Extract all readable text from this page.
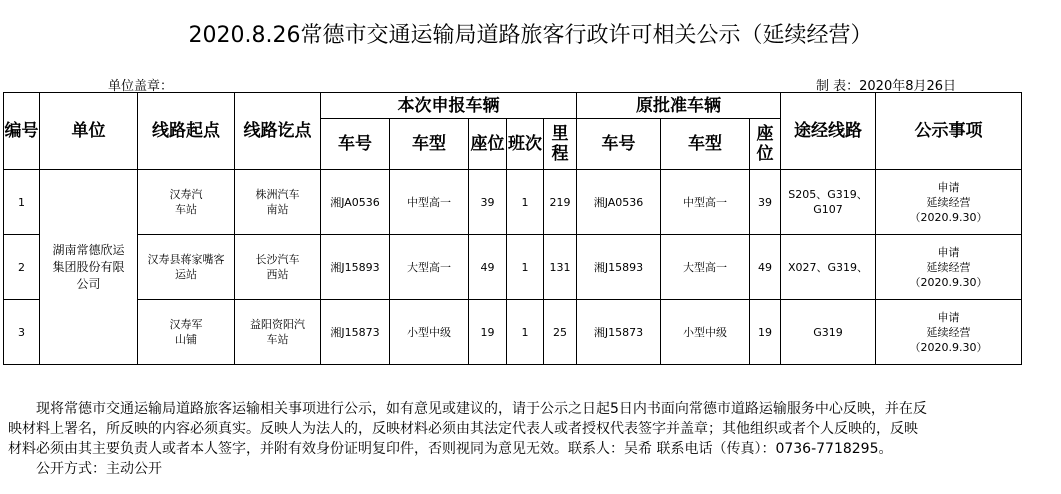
2020.8.26常德市交通运输局道路旅客行政许可相关公示（延续经营）
单位盖章：	制 表：2020年8月26日
编号	单位	线路起点	线路讫点	本次申报车辆					原批准车辆			途经线路	公示事项
				车号	车型	座位	班次	里程	车号	车型	座位		
1	湖南常德欣运集团股份有限公司	汉寿汽车站	株洲汽车南站	湘JA0536	中型高一	39	1	219	湘JA0536	中型高一	39	S205、G319、G107	申请
延续经营
（2020.9.30）

2		汉寿县蒋家嘴客运站	长沙汽车西站	湘J15893	大型高一	49	1	131	湘J15893	大型高一	49	X027、G319、	申请
延续经营
（2020.9.30）

3		汉寿军山铺	益阳资阳汽车站	湘J15873	小型中级	19	1	25	湘J15873	小型中级	19	G319	申请
延续经营
（2020.9.30）
现将常德市交通运输局道路旅客运输相关事项进行公示，如有意见或建议的，请于公示之日起5日内书面向常德市道路运输服务中心反映，并在反
映材料上署名，所反映的内容必须真实。反映人为法人的，反映材料必须由其法定代表人或者授权代表签字并盖章；其他组织或者个人反映的，反映
材料必须由其主要负责人或者本人签字，并附有效身份证明复印件，否则视同为意见无效。联系人：吴希 联系电话（传真）：0736-7718295。
公开方式：主动公开
